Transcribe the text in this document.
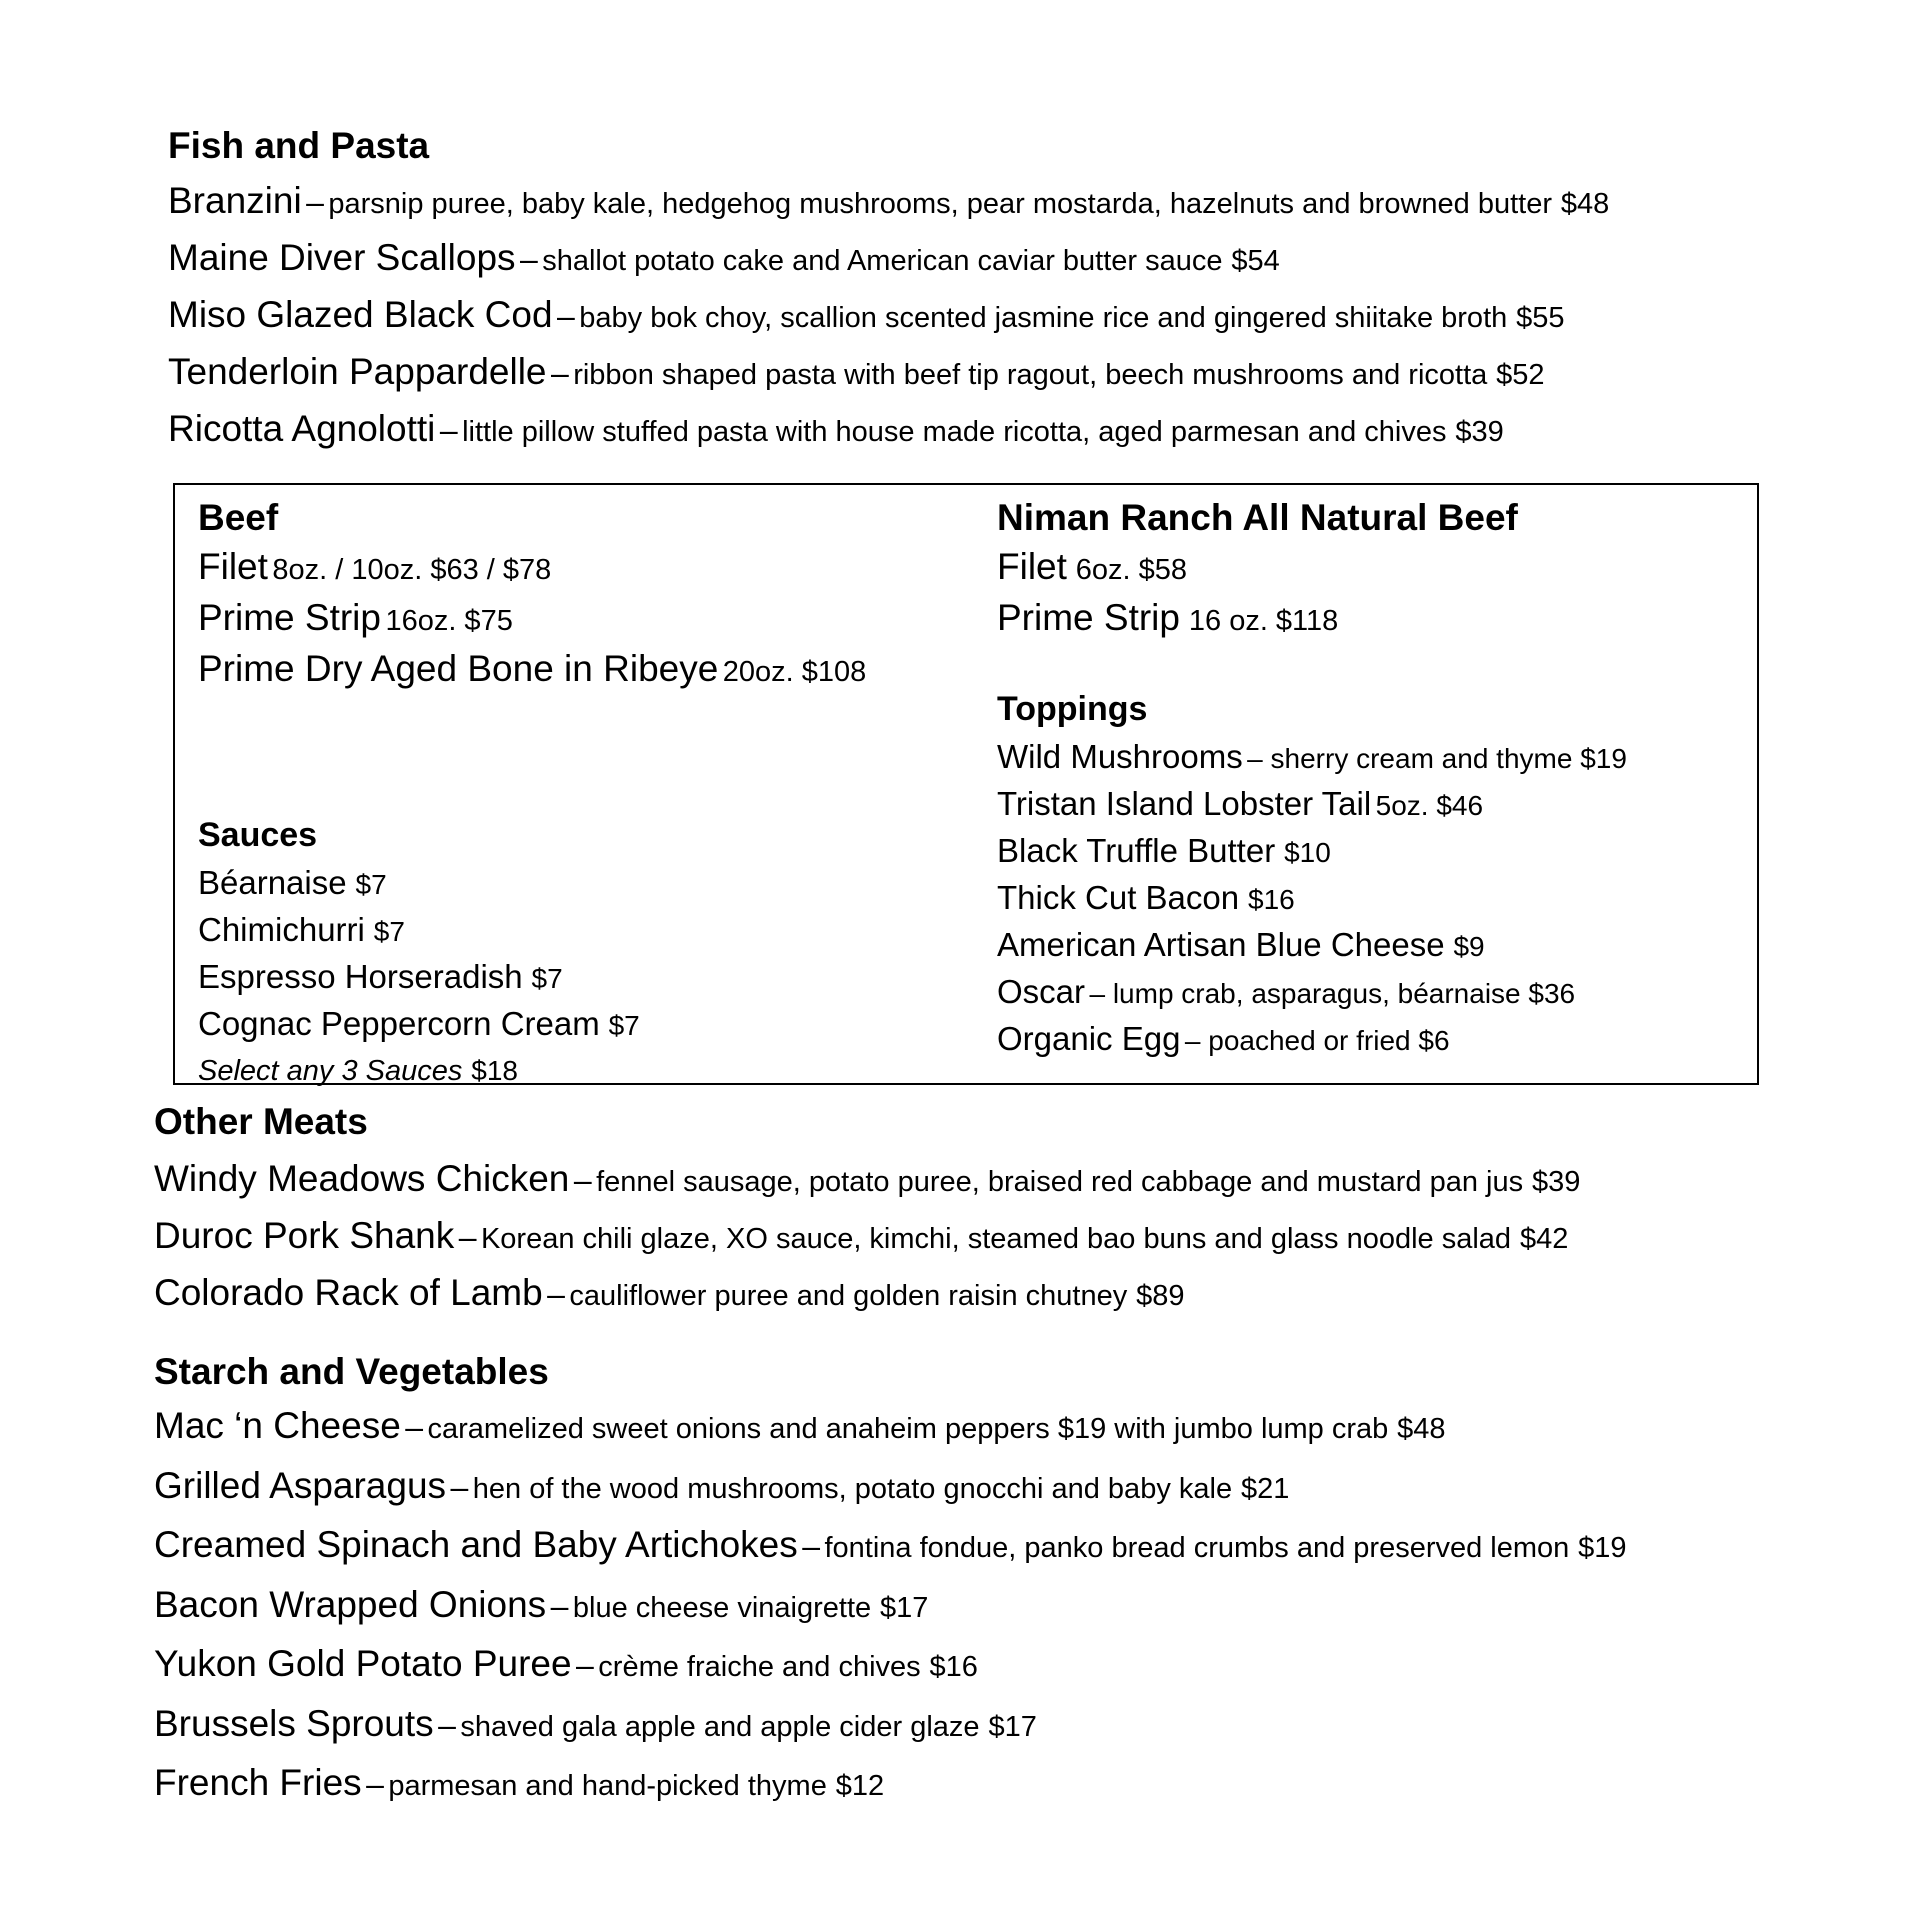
Fish and Pasta
Branzini – parsnip puree, baby kale, hedgehog mushrooms, pear mostarda, hazelnuts and browned butter $48
Maine Diver Scallops – shallot potato cake and American caviar butter sauce $54
Miso Glazed Black Cod – baby bok choy, scallion scented jasmine rice and gingered shiitake broth $55
Tenderloin Pappardelle – ribbon shaped pasta with beef tip ragout, beech mushrooms and ricotta $52
Ricotta Agnolotti – little pillow stuffed pasta with house made ricotta, aged parmesan and chives $39
Beef
Filet 8oz. / 10oz. $63 / $78
Prime Strip 16oz. $75
Prime Dry Aged Bone in Ribeye 20oz. $108
Sauces
Béarnaise $7
Chimichurri $7
Espresso Horseradish $7
Cognac Peppercorn Cream $7
Select any 3 Sauces $18
Niman Ranch All Natural Beef
Filet 6oz. $58
Prime Strip 16 oz. $118
Toppings
Wild Mushrooms – sherry cream and thyme $19
Tristan Island Lobster Tail 5oz. $46
Black Truffle Butter $10
Thick Cut Bacon $16
American Artisan Blue Cheese $9
Oscar – lump crab, asparagus, béarnaise $36
Organic Egg – poached or fried $6
Other Meats
Windy Meadows Chicken – fennel sausage, potato puree, braised red cabbage and mustard pan jus $39
Duroc Pork Shank – Korean chili glaze, XO sauce, kimchi, steamed bao buns and glass noodle salad $42
Colorado Rack of Lamb – cauliflower puree and golden raisin chutney $89
Starch and Vegetables
Mac ‘n Cheese – caramelized sweet onions and anaheim peppers $19 with jumbo lump crab $48
Grilled Asparagus – hen of the wood mushrooms, potato gnocchi and baby kale $21
Creamed Spinach and Baby Artichokes – fontina fondue, panko bread crumbs and preserved lemon $19
Bacon Wrapped Onions – blue cheese vinaigrette $17
Yukon Gold Potato Puree – crème fraiche and chives $16
Brussels Sprouts – shaved gala apple and apple cider glaze $17
French Fries – parmesan and hand-picked thyme $12
